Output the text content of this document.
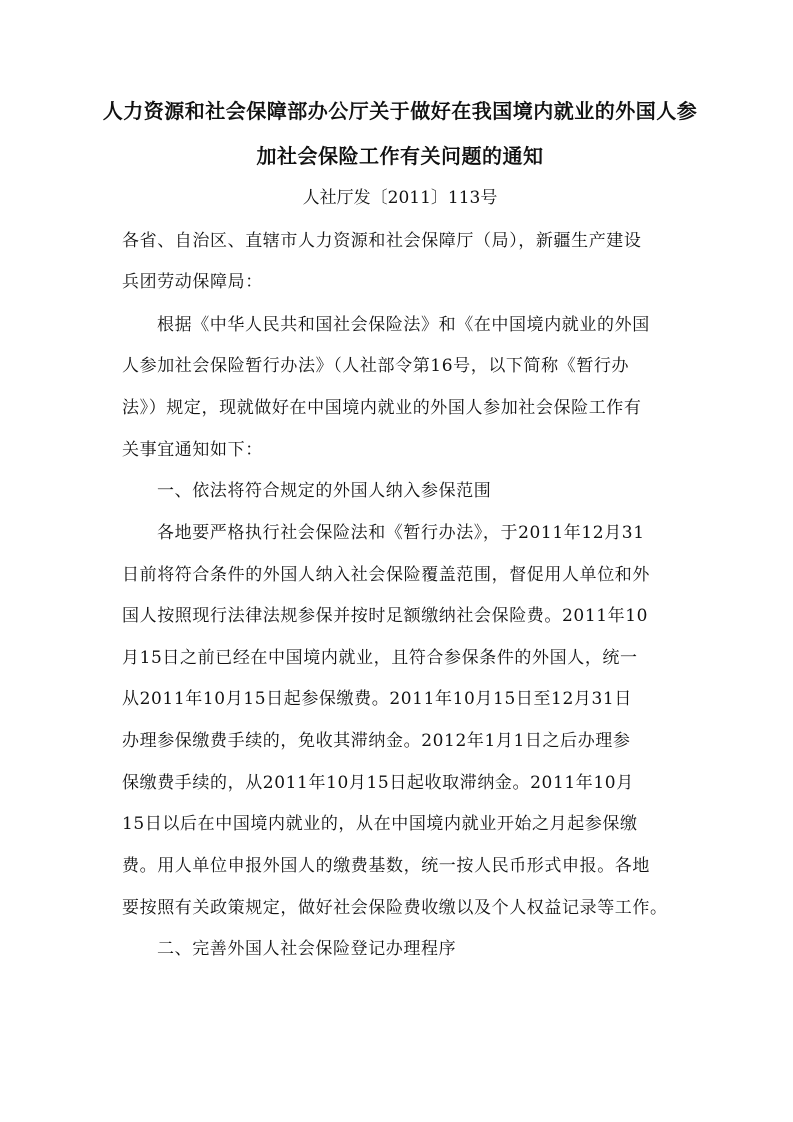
人力资源和社会保障部办公厅关于做好在我国境内就业的外国人参
加社会保险工作有关问题的通知
人社厅发〔2011〕113号
各省、自治区、直辖市人力资源和社会保障厅（局），新疆生产建设
兵团劳动保障局：
根据《中华人民共和国社会保险法》和《在中国境内就业的外国
人参加社会保险暂行办法》（人社部令第16号，以下简称《暂行办
法》）规定，现就做好在中国境内就业的外国人参加社会保险工作有
关事宜通知如下：
一、依法将符合规定的外国人纳入参保范围
各地要严格执行社会保险法和《暂行办法》，于2011年12月31
日前将符合条件的外国人纳入社会保险覆盖范围，督促用人单位和外
国人按照现行法律法规参保并按时足额缴纳社会保险费。2011年10
月15日之前已经在中国境内就业，且符合参保条件的外国人，统一
从2011年10月15日起参保缴费。2011年10月15日至12月31日
办理参保缴费手续的，免收其滞纳金。2012年1月1日之后办理参
保缴费手续的，从2011年10月15日起收取滞纳金。2011年10月
15日以后在中国境内就业的，从在中国境内就业开始之月起参保缴
费。用人单位申报外国人的缴费基数，统一按人民币形式申报。各地
要按照有关政策规定，做好社会保险费收缴以及个人权益记录等工作。
二、完善外国人社会保险登记办理程序
